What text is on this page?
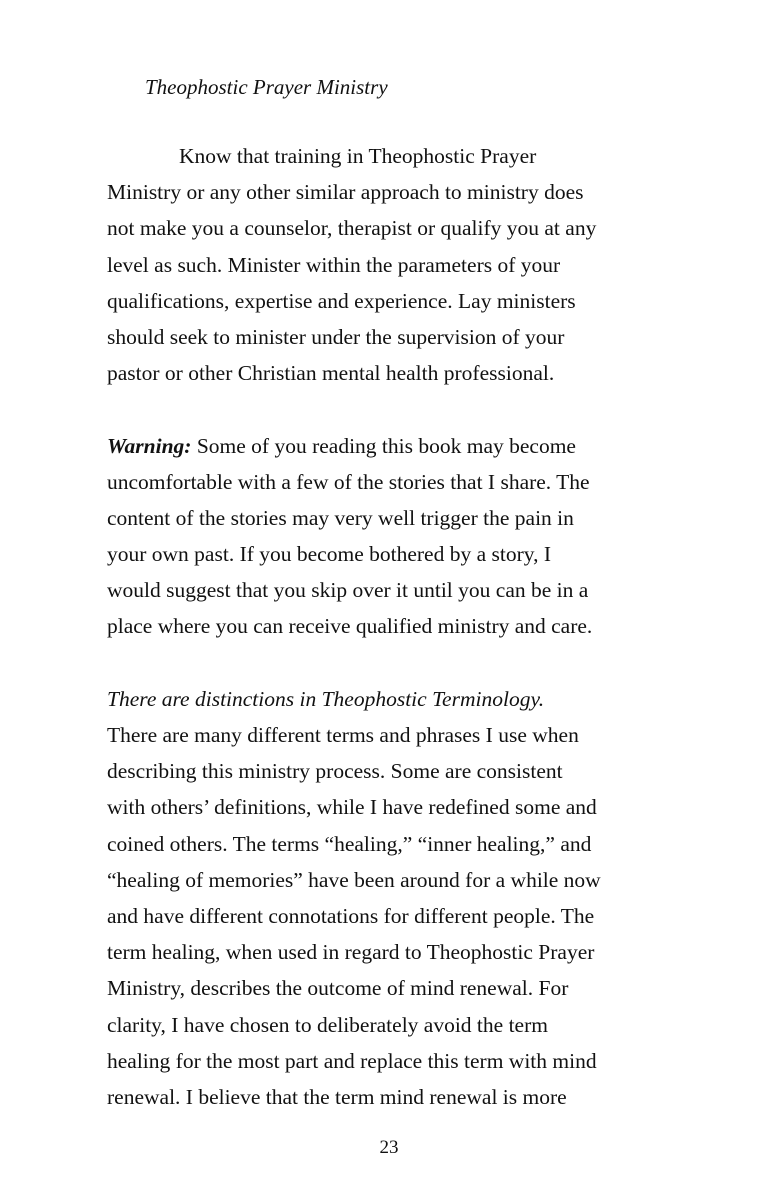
Theophostic Prayer Ministry
Know that training in Theophostic Prayer
Ministry or any other similar approach to ministry does
not make you a counselor, therapist or qualify you at any
level as such. Minister within the parameters of your
qualifications, expertise and experience. Lay ministers
should seek to minister under the supervision of your
pastor or other Christian mental health professional.
Warning: Some of you reading this book may become
uncomfortable with a few of the stories that I share. The
content of the stories may very well trigger the pain in
your own past. If you become bothered by a story, I
would suggest that you skip over it until you can be in a
place where you can receive qualified ministry and care.
There are distinctions in Theophostic Terminology.
There are many different terms and phrases I use when
describing this ministry process. Some are consistent
with others’ definitions, while I have redefined some and
coined others. The terms “healing,” “inner healing,” and
“healing of memories” have been around for a while now
and have different connotations for different people. The
term healing, when used in regard to Theophostic Prayer
Ministry, describes the outcome of mind renewal. For
clarity, I have chosen to deliberately avoid the term
healing for the most part and replace this term with mind
renewal. I believe that the term mind renewal is more
23
